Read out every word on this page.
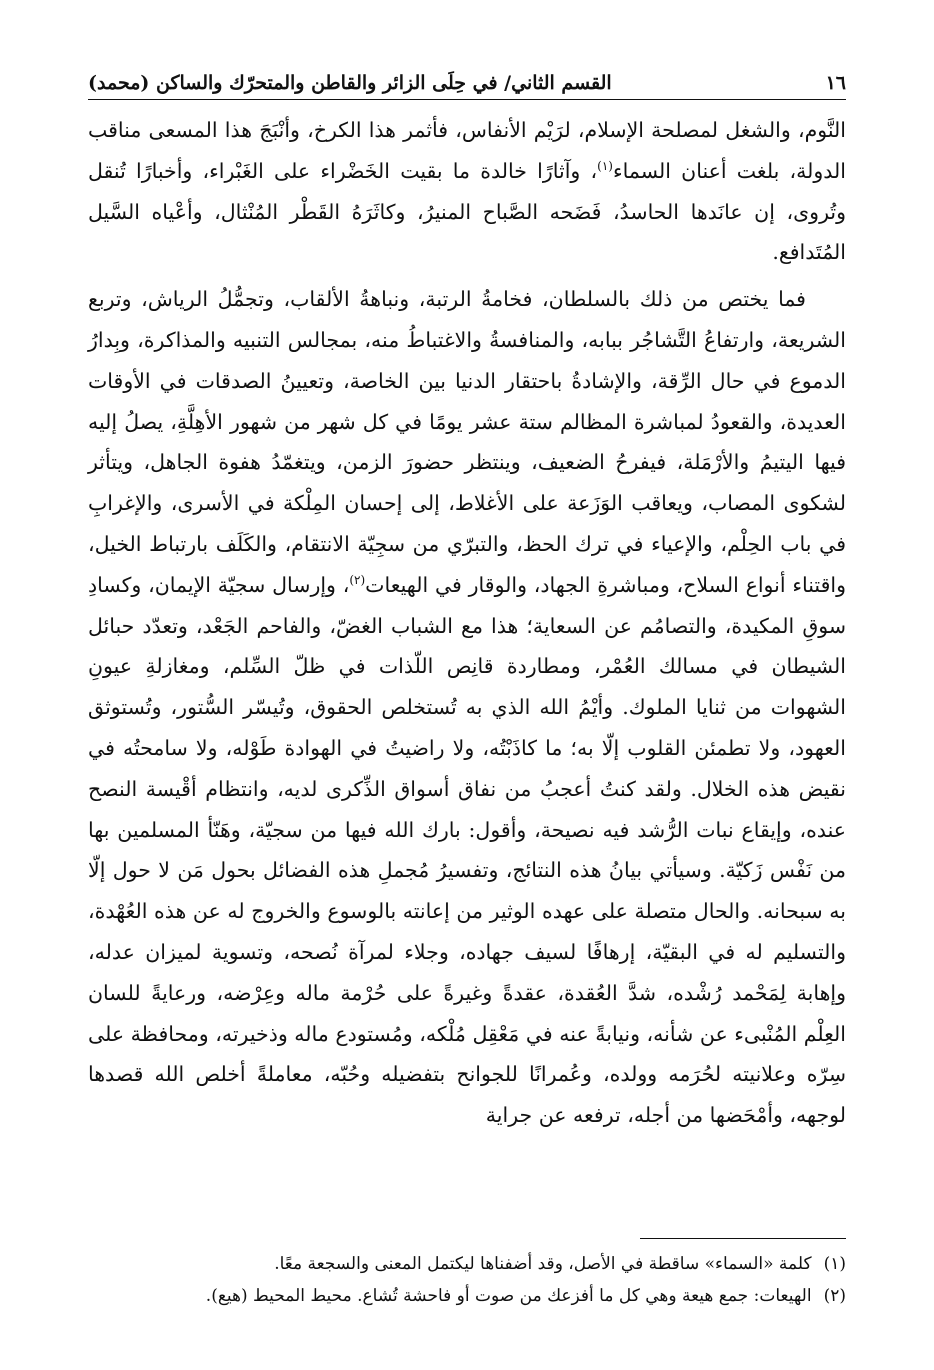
١٦
القسم الثاني/ في حِلَى الزائر والقاطن والمتحرّك والساكن (محمد)

النَّوم، والشغل لمصلحة الإسلام، لرَيْم الأنفاس، فأثمر هذا الكرخ، وأنْبَجَ هذا المسعى مناقب الدولة، بلغت أعنان السماء$^{(١)}$، وآثارًا خالدة ما بقيت الخَضْراء على الغَبْراء، وأخبارًا تُنقل وتُروى، إن عانَدها الحاسدُ، فَضَحه الصَّباح المنيرُ، وكاثَرَهُ القَطْر المُنْثال، وأعْياه السَّيل المُتَدافع.

فما يختص من ذلك بالسلطان، فخامةُ الرتبة، ونباهةُ الألقاب، وتجمُّلُ الرياش، وتربع الشريعة، وارتفاعُ التَّشاجُر ببابه، والمنافسةُ والاغتباطُ منه، بمجالس التنبيه والمذاكرة، وبِدارُ الدموع في حال الرِّقة، والإشادةُ باحتقار الدنيا بين الخاصة، وتعيينُ الصدقات في الأوقات العديدة، والقعودُ لمباشرة المظالم ستة عشر يومًا في كل شهر من شهور الأهِلَّةِ، يصلُ إليه فيها اليتيمُ والأرْمَلة، فيفرحُ الضعيف، وينتظر حضورَ الزمن، ويتغمّدُ هفوة الجاهل، ويتأثر لشكوى المصاب، ويعاقب الوَزَعة على الأغلاط، إلى إحسان المِلْكة في الأسرى، والإغرابِ في باب الحِلْم، والإعياء في ترك الحظ، والتبرّي من سجِيّة الانتقام، والكَلَف بارتباط الخيل، واقتناء أنواع السلاح، ومباشرةِ الجهاد، والوقار في الهيعات$^{(٢)}$، وإرسال سجيّة الإيمان، وكسادِ سوقِ المكيدة، والتصامُم عن السعاية؛ هذا مع الشباب الغضّ، والفاحم الجَعْد، وتعدّد حبائل الشيطان في مسالك العُمْر، ومطاردة قانِص اللّذات في ظلّ السِّلم، ومغازلةِ عيونِ الشهوات من ثنايا الملوك. وأيْمُ الله الذي به تُستخلص الحقوق، وتُيسّر السُّتور، وتُستوثق العهود، ولا تطمئن القلوب إلّا به؛ ما كاذَبْتُه، ولا راضيتُ في الهوادة طَوْله، ولا سامحتُه في نقيض هذه الخلال. ولقد كنتُ أعجبُ من نفاق أسواق الذِّكرى لديه، وانتظام أقْيسة النصح عنده، وإيقاع نبات الرُّشد فيه نصيحة، وأقول: بارك الله فيها من سجيّة، وهَنّأ المسلمين بها من نَفْس زَكيّة. وسيأتي بيانُ هذه النتائج، وتفسيرُ مُجملِ هذه الفضائل بحول مَن لا حول إلّا به سبحانه. والحال متصلة على عهده الوثير من إعانته بالوسوع والخروج له عن هذه العُهْدة، والتسليم له في البقيّة، إرهافًا لسيف جهاده، وجلاء لمرآة نُصحه، وتسوية لميزان عدله، وإهابة لِمَحْمد رُشْده، شدَّ العُقدة، عقدةً وغيرةً على حُرْمة ماله وعِرْضه، ورعايةً للسان العِلْم المُنْبىء عن شأنه، ونيابةً عنه في مَعْقِل مُلْكه، ومُستودع ماله وذخيرته، ومحافظة على سِرّه وعلانيته لحُرَمه وولده، وعُمرانًا للجوانح بتفضيله وحُبّه، معاملةً أخلص الله قصدها لوجهه، وأمْحَضها من أجله، ترفعه عن جراية

(١)كلمة «السماء» ساقطة في الأصل، وقد أضفناها ليكتمل المعنى والسجعة معًا.
(٢)الهيعات: جمع هيعة وهي كل ما أفزعك من صوت أو فاحشة تُشاع. محيط المحيط (هيع).
